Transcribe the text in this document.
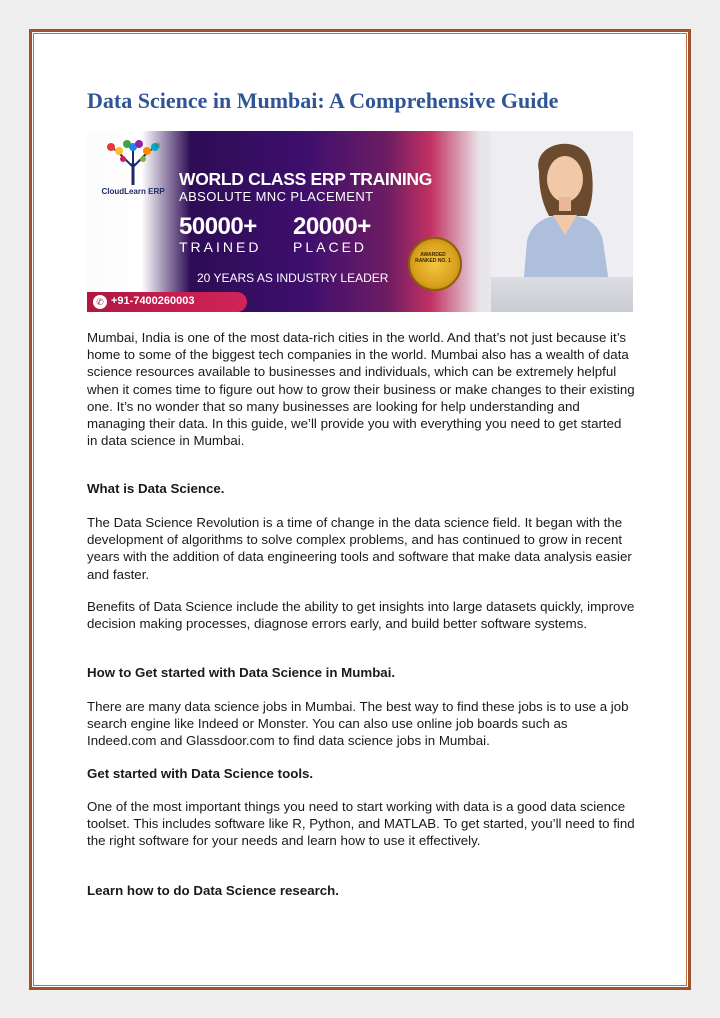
Data Science in Mumbai: A Comprehensive Guide
®
CloudLearn ERP
WORLD CLASS ERP TRAINING
ABSOLUTE MNC PLACEMENT
50000+
TRAINED
20000+
PLACED
20 YEARS AS INDUSTRY LEADER
AWARDED RANKED NO. 1
✆ +91-7400260003

Mumbai, India is one of the most data-rich cities in the world. And that’s not just because it’s home to some of the biggest tech companies in the world. Mumbai also has a wealth of data science resources available to businesses and individuals, which can be extremely helpful when it comes time to figure out how to grow their business or make changes to their existing one. It’s no wonder that so many businesses are looking for help understanding and managing their data. In this guide, we’ll provide you with everything you need to get started in data science in Mumbai.

What is Data Science.

The Data Science Revolution is a time of change in the data science field. It began with the development of algorithms to solve complex problems, and has continued to grow in recent years with the addition of data engineering tools and software that make data analysis easier and faster.

Benefits of Data Science include the ability to get insights into large datasets quickly, improve decision making processes, diagnose errors early, and build better software systems.

How to Get started with Data Science in Mumbai.

There are many data science jobs in Mumbai. The best way to find these jobs is to use a job search engine like Indeed or Monster. You can also use online job boards such as Indeed.com and Glassdoor.com to find data science jobs in Mumbai.

Get started with Data Science tools.

One of the most important things you need to start working with data is a good data science toolset. This includes software like R, Python, and MATLAB. To get started, you’ll need to find the right software for your needs and learn how to use it effectively.

Learn how to do Data Science research.
